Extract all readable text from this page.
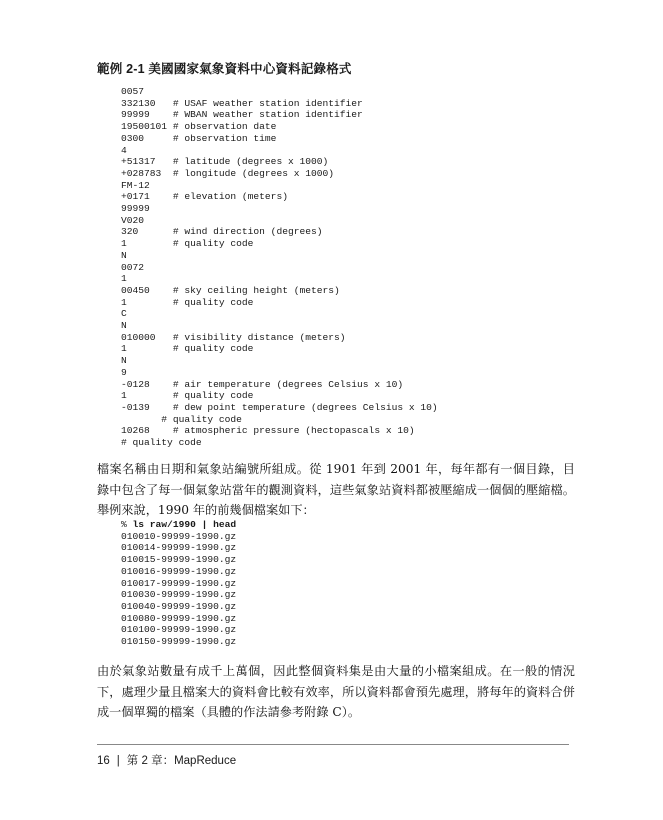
範例 2-1 美國國家氣象資料中心資料記錄格式
0057
332130   # USAF weather station identifier
99999    # WBAN weather station identifier
19500101 # observation date
0300     # observation time
4
+51317   # latitude (degrees x 1000)
+028783  # longitude (degrees x 1000)
FM-12
+0171    # elevation (meters)
99999
V020
320      # wind direction (degrees)
1        # quality code
N
0072
1
00450    # sky ceiling height (meters)
1        # quality code
C
N
010000   # visibility distance (meters)
1        # quality code
N
9
-0128    # air temperature (degrees Celsius x 10)
1        # quality code
-0139    # dew point temperature (degrees Celsius x 10)
# quality code
10268    # atmospheric pressure (hectopascals x 10)
# quality code

檔案名稱由日期和氣象站編號所組成。從 1901 年到 2001 年，每年都有一個目錄，目錄中包含了每一個氣象站當年的觀測資料，這些氣象站資料都被壓縮成一個個的壓縮檔。舉例來說，1990 年的前幾個檔案如下：

% ls raw/1990 | head
010010-99999-1990.gz
010014-99999-1990.gz
010015-99999-1990.gz
010016-99999-1990.gz
010017-99999-1990.gz
010030-99999-1990.gz
010040-99999-1990.gz
010080-99999-1990.gz
010100-99999-1990.gz
010150-99999-1990.gz

由於氣象站數量有成千上萬個，因此整個資料集是由大量的小檔案組成。在一般的情況下，處理少量且檔案大的資料會比較有效率，所以資料都會預先處理，將每年的資料合併成一個單獨的檔案（具體的作法請參考附錄 C）。

16 | 第 2 章：MapReduce
